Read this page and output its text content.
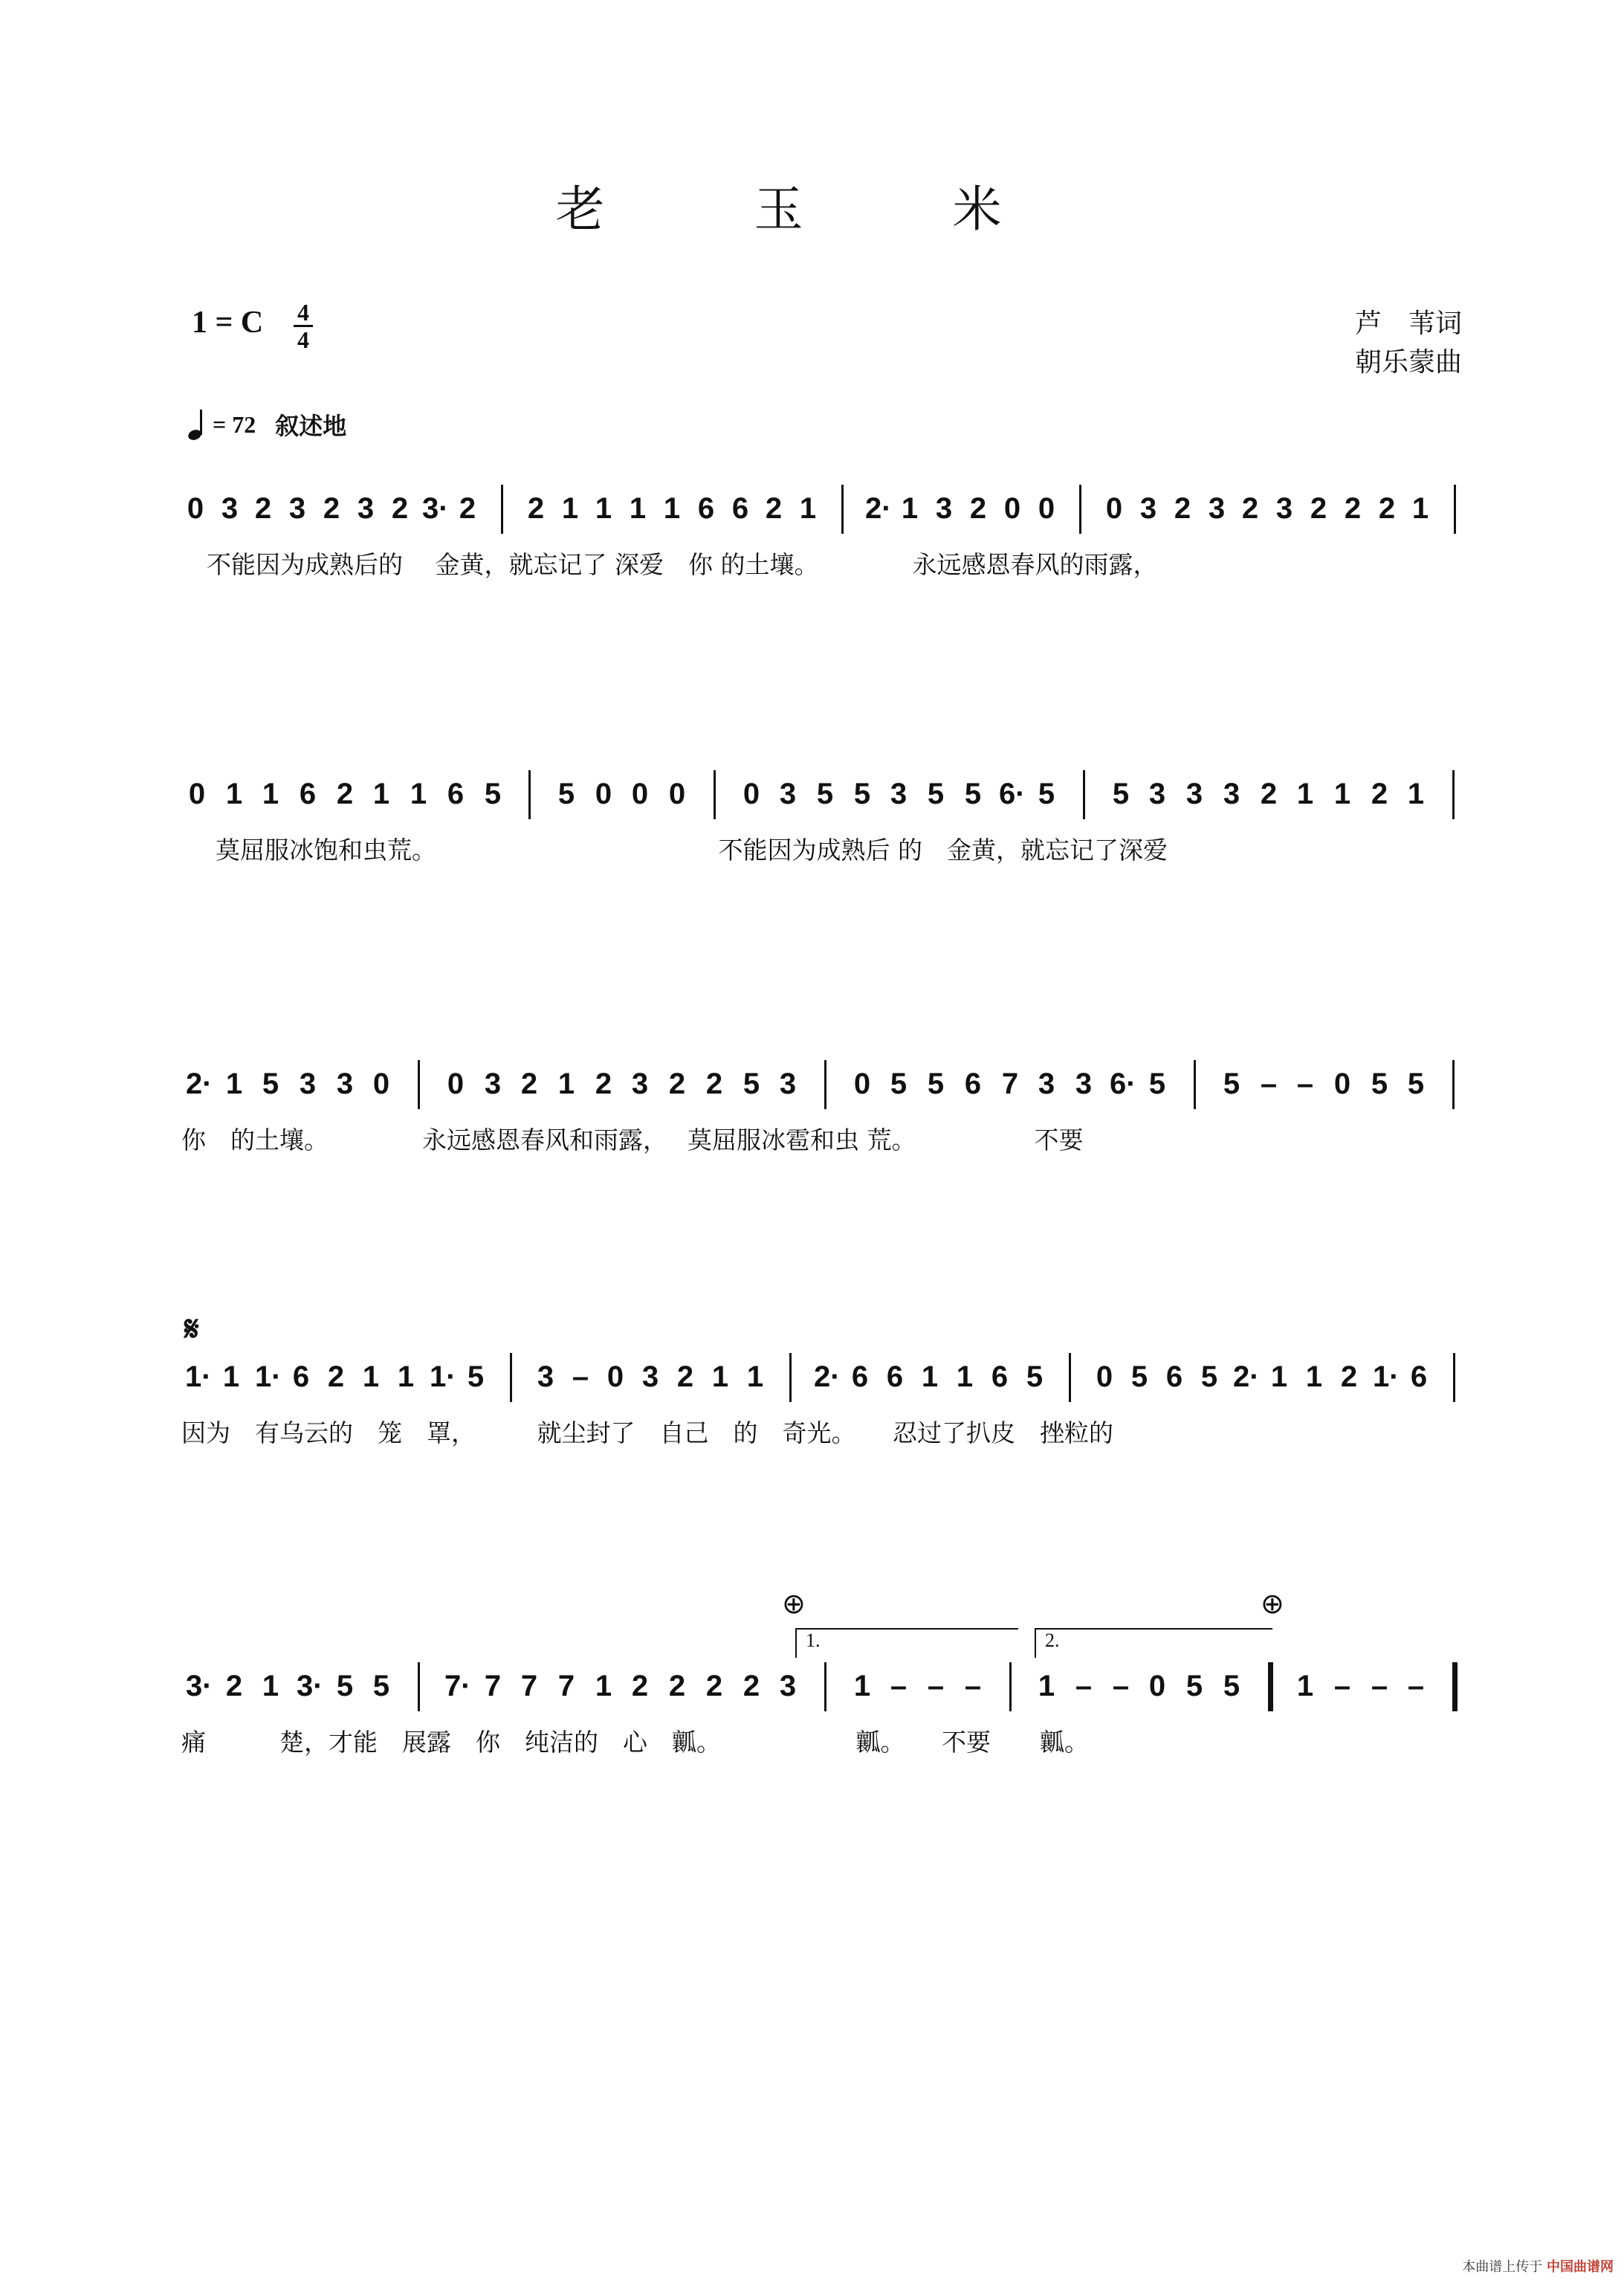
老 玉 米
1 = C 4
4
芦　苇词
朝乐蒙曲
= 72 叙述地
𝄋
⊕	⊕
1.	2.
0 3 2 3 2 3 2 3· 2 2 1 1 1 1 6 6 2 1 2· 1 3 2 0 0 0 3 2 3 2 3 2 2 2 1
不能因为成熟后的　 金黄，就忘记了 深爱　你 的土壤。　　　　 永远感恩春风的雨露，
0 1 1 6 2 1 1 6 5 5 0 0 0 0 3 5 5 3 5 5 6· 5 5 3 3 3 2 1 1 2 1
莫屈服冰饱和虫荒。　　　　　　　　　　　　不能因为成熟后 的　金黄，就忘记了深爱
2· 1 5 3 3 0 0 3 2 1 2 3 2 2 5 3 0 5 5 6 7 3 3 6· 5 5 – – 0 5 5
你　的土壤。　　　　 永远感恩春风和雨露，　 莫屈服冰雹和虫 荒。　　　　　 不要
1· 1 1· 6 2 1 1 1· 5 3 – 0 3 2 1 1 2· 6 6 1 1 6 5 0 5 6 5 2· 1 1 2 1· 6
因为　有乌云的　笼　罩，　　　就尘封了　自己　的　奇光。　　忍过了扒皮　挫粒的
3· 2 1 3· 5 5 7· 7 7 7 1 2 2 2 2 3 1 – – – 1 – – 0 5 5 1 – – –
痛　　　楚，才能　展露　你　纯洁的　心　瓤。　　　　　　瓤。　　不要　　瓤。
本曲谱上传于 中国曲谱网
